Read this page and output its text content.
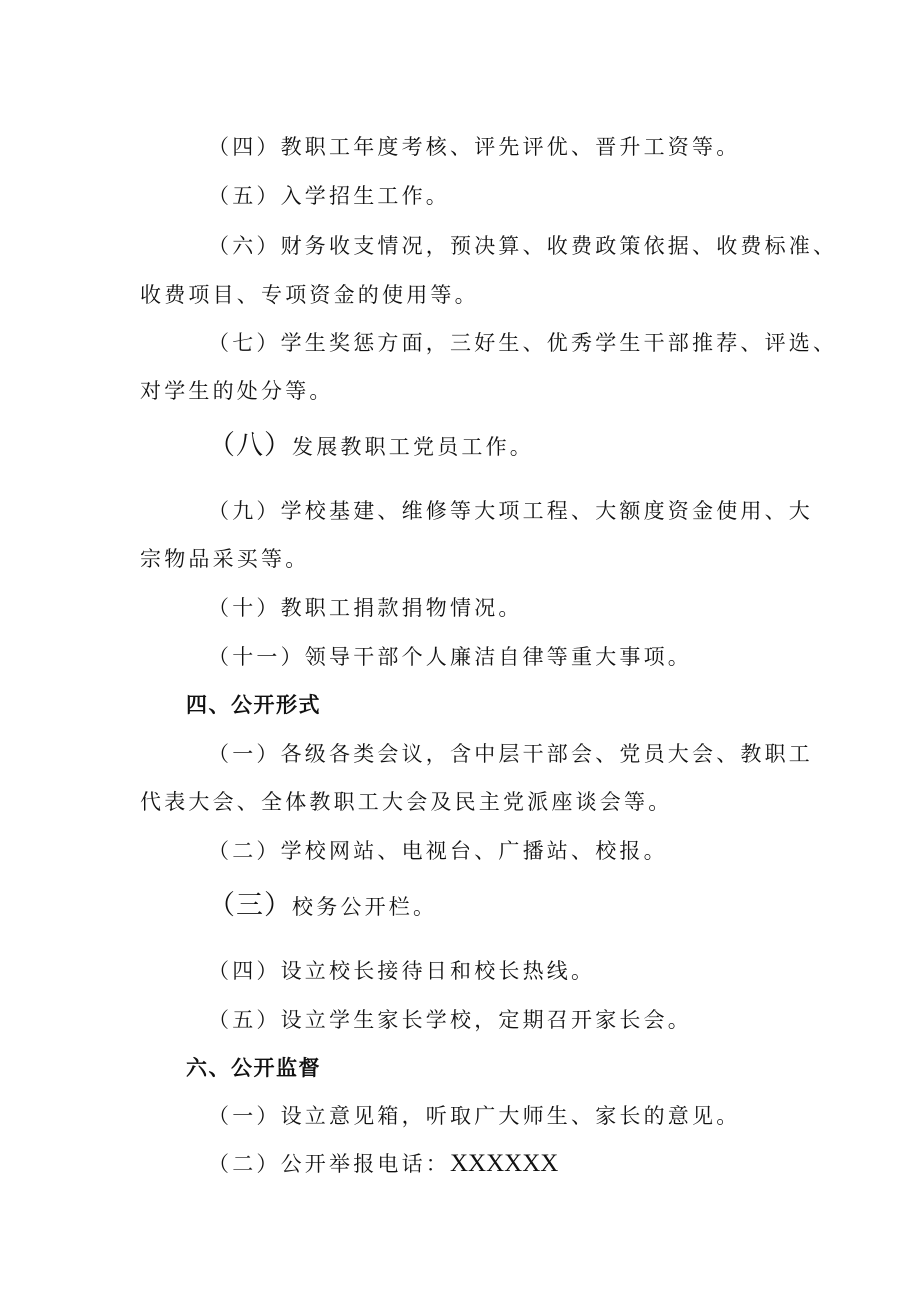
（四）教职工年度考核、评先评优、晋升工资等。
（五）入学招生工作。
（六）财务收支情况，预决算、收费政策依据、收费标准、
收费项目、专项资金的使用等。
（七）学生奖惩方面，三好生、优秀学生干部推荐、评选、
对学生的处分等。
（八）发展教职工党员工作。
（九）学校基建、维修等大项工程、大额度资金使用、大
宗物品采买等。
（十）教职工捐款捐物情况。
（十一）领导干部个人廉洁自律等重大事项。
四、公开形式
（一）各级各类会议，含中层干部会、党员大会、教职工
代表大会、全体教职工大会及民主党派座谈会等。
（二）学校网站、电视台、广播站、校报。
（三）校务公开栏。
（四）设立校长接待日和校长热线。
（五）设立学生家长学校，定期召开家长会。
六、公开监督
（一）设立意见箱，听取广大师生、家长的意见。
（二）公开举报电话：XXXXXX
